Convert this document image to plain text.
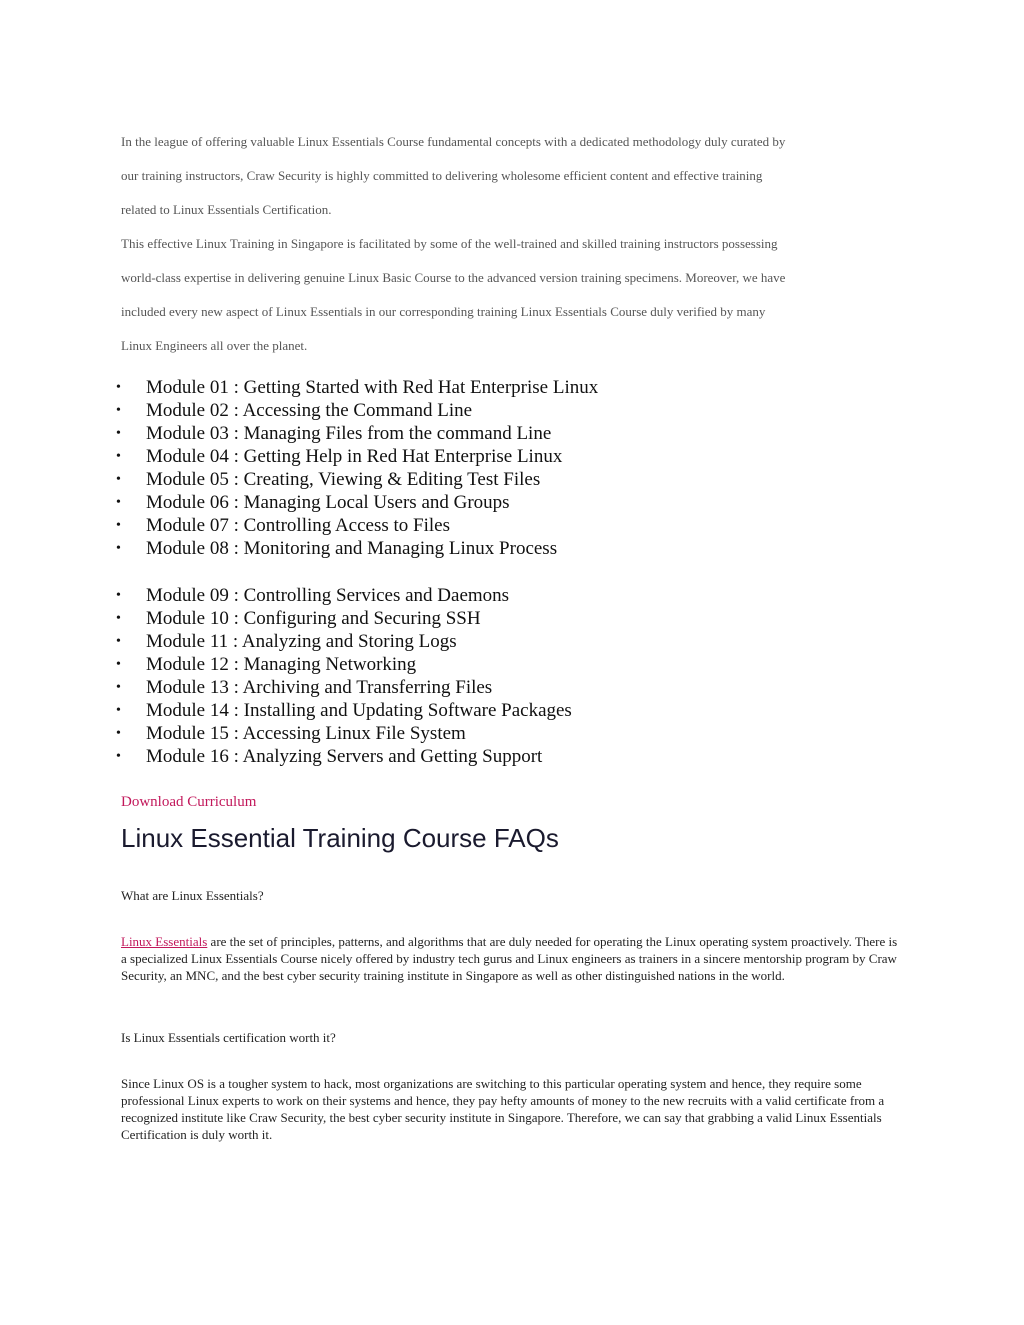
In the league of offering valuable Linux Essentials Course fundamental concepts with a dedicated methodology duly curated by

our training instructors, Craw Security is highly committed to delivering wholesome efficient content and effective training

related to Linux Essentials Certification.

This effective Linux Training in Singapore is facilitated by some of the well-trained and skilled training instructors possessing

world-class expertise in delivering genuine Linux Basic Course to the advanced version training specimens. Moreover, we have

included every new aspect of Linux Essentials in our corresponding training Linux Essentials Course duly verified by many

Linux Engineers all over the planet.

• Module 01 : Getting Started with Red Hat Enterprise Linux
• Module 02 : Accessing the Command Line
• Module 03 : Managing Files from the command Line
• Module 04 : Getting Help in Red Hat Enterprise Linux
• Module 05 : Creating, Viewing & Editing Test Files
• Module 06 : Managing Local Users and Groups
• Module 07 : Controlling Access to Files
• Module 08 : Monitoring and Managing Linux Process
• Module 09 : Controlling Services and Daemons
• Module 10 : Configuring and Securing SSH
• Module 11 : Analyzing and Storing Logs
• Module 12 : Managing Networking
• Module 13 : Archiving and Transferring Files
• Module 14 : Installing and Updating Software Packages
• Module 15 : Accessing Linux File System
• Module 16 : Analyzing Servers and Getting Support
Download Curriculum
Linux Essential Training Course FAQs

What are Linux Essentials?

Linux Essentials are the set of principles, patterns, and algorithms that are duly needed for operating the Linux operating system proactively. There is a specialized Linux Essentials Course nicely offered by industry tech gurus and Linux engineers as trainers in a sincere mentorship program by Craw Security, an MNC, and the best cyber security training institute in Singapore as well as other distinguished nations in the world.

Is Linux Essentials certification worth it?

Since Linux OS is a tougher system to hack, most organizations are switching to this particular operating system and hence, they require some professional Linux experts to work on their systems and hence, they pay hefty amounts of money to the new recruits with a valid certificate from a recognized institute like Craw Security, the best cyber security institute in Singapore. Therefore, we can say that grabbing a valid Linux Essentials Certification is duly worth it.
